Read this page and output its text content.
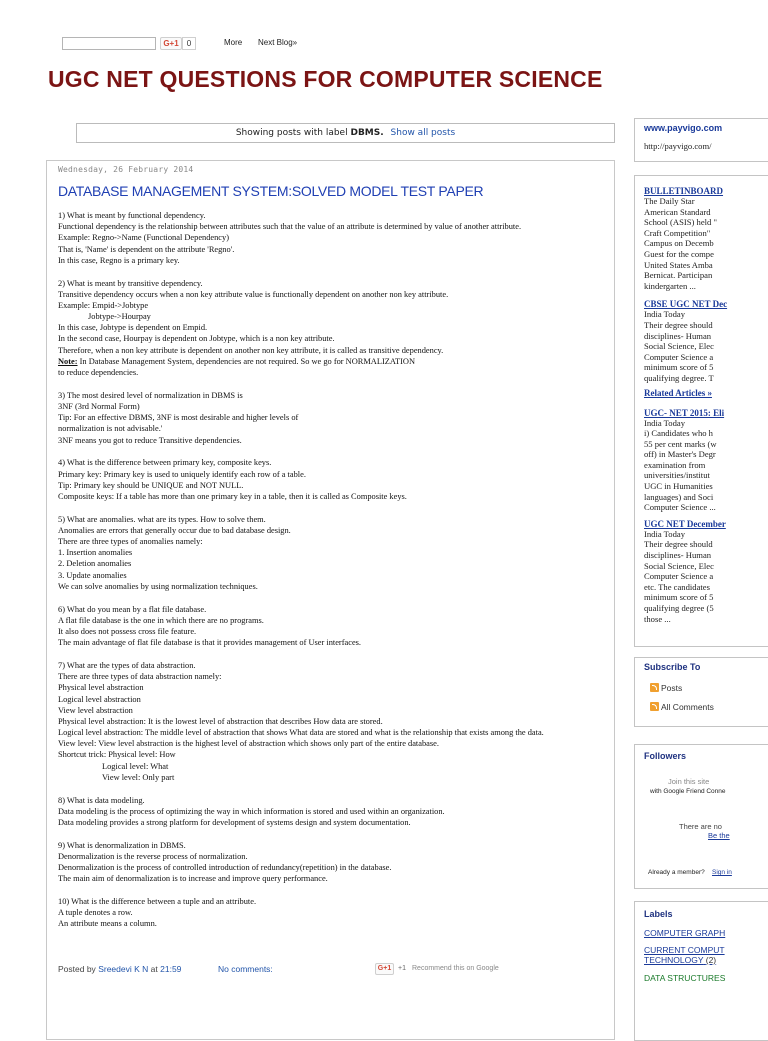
G+1	0	More Next Blog»
UGC NET QUESTIONS FOR COMPUTER SCIENCE
Showing posts with label DBMS. Show all posts
Wednesday, 26 February 2014
DATABASE MANAGEMENT SYSTEM:SOLVED MODEL TEST PAPER
1) What is meant by functional dependency.
Functional dependency is the relationship between attributes such that the value of an attribute is determined by value of another attribute.
Example: Regno->Name (Functional Dependency)
That is, 'Name' is dependent on the attribute 'Regno'.
In this case, Regno is a primary key.
2) What is meant by transitive dependency.
Transitive dependency occurs when a non key attribute value is functionally dependent on another non key attribute.
Example: Empid->Jobtype
Jobtype->Hourpay
In this case, Jobtype is dependent on Empid.
In the second case, Hourpay is dependent on Jobtype, which is a non key attribute.
Therefore, when a non key attribute is dependent on another non key attribute, it is called as transitive dependency.
Note: In Database Management System, dependencies are not required. So we go for NORMALIZATION
to reduce dependencies.
3) The most desired level of normalization in DBMS is
3NF (3rd Normal Form)
Tip: For an effective DBMS, 3NF is most desirable and higher levels of
normalization is not advisable.'
3NF means you got to reduce Transitive dependencies.
4) What is the difference between primary key, composite keys.
Primary key: Primary key is used to uniquely identify each row of a table.
Tip: Primary key should be UNIQUE and NOT NULL.
Composite keys: If a table has more than one primary key in a table, then it is called as Composite keys.
5) What are anomalies. what are its types. How to solve them.
Anomalies are errors that generally occur due to bad database design.
There are three types of anomalies namely:
1. Insertion anomalies
2. Deletion anomalies
3. Update anomalies
We can solve anomalies by using normalization techniques.
6) What do you mean by a flat file database.
A flat file database is the one in which there are no programs.
It also does not possess cross file feature.
The main advantage of flat file database is that it provides management of User interfaces.
7) What are the types of data abstraction.
There are three types of data abstraction namely:
Physical level abstraction
Logical level abstraction
View level abstraction
Physical level abstraction: It is the lowest level of abstraction that describes How data are stored.
Logical level abstraction: The middle level of abstraction that shows What data are stored and what is the relationship that exists among the data.
View level: View level abstraction is the highest level of abstraction which shows only part of the entire database.
Shortcut trick: Physical level: How
Logical level: What
View level: Only part
8) What is data modeling.
Data modeling is the process of optimizing the way in which information is stored and used within an organization.
Data modeling provides a strong platform for development of systems design and system documentation.
9) What is denormalization in DBMS.
Denormalization is the reverse process of normalization.
Denormalization is the process of controlled introduction of redundancy(repetition) in the database.
The main aim of denormalization is to increase and improve query performance.
10) What is the difference between a tuple and an attribute.
A tuple denotes a row.
An attribute means a column.
Posted by Sreedevi K N at 21:59	No comments:	G+1 +1 Recommend this on Google
www.payvigo.com
http://payvigo.com/
BULLETINBOARD
The Daily Star
American Standard
School (ASIS) held "
Craft Competition"
Campus on Decemb
Guest for the compe
United States Amba
Bernicat. Participan
kindergarten ...
CBSE UGC NET Dec
India Today
Their degree should
disciplines- Human
Social Science, Elec
Computer Science a
minimum score of 5
qualifying degree. T
Related Articles »
UGC- NET 2015: Eli
India Today
i) Candidates who h
55 per cent marks (w
off) in Master's Degr
examination from
universities/institut
UGC in Humanities
languages) and Soci
Computer Science ...
UGC NET December
India Today
Their degree should
disciplines- Human
Social Science, Elec
Computer Science a
etc. The candidates
minimum score of 5
qualifying degree (5
those ...
Subscribe To
Posts
All Comments
Followers
Join this site
with Google Friend Conne
There are no
Be the
Already a member? Sign in
Labels
COMPUTER GRAPH
CURRENT COMPUT
TECHNOLOGY (2)
DATA STRUCTURES
